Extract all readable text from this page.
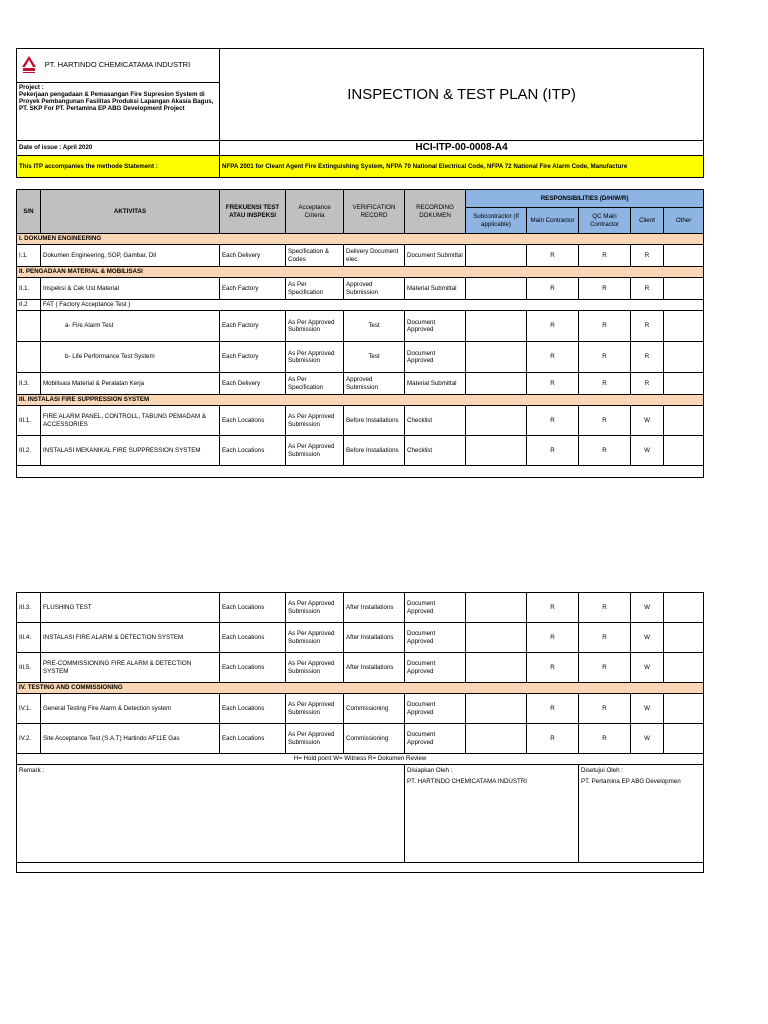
PT. HARTINDO CHEMICATAMA INDUSTRI		INSPECTION & TEST PLAN (ITP)								

Project :
Pekerjaan pengadaan & Pemasangan Fire Supresion System di Proyek Pembangunan Fasilitas Produksi Lapangan Akasia Bagus, PT. SKP For PT. Pertamina EP ABG Development Project										

Date of issue : April 2020		HCI-ITP-00-0008-A4								
This ITP accompanies the methode Statement :		NFPA 2001 for Cleant Agent Fire Extinguishing System, NFPA 70 National Electrical Code, NFPA 72 National Fire Alarm Code, Manufacture								

S/N	AKTIVITAS	FREKUENSI TEST ATAU INSPEKSI	Acceptance Criteria	VERIFICATION RECORD	RECORDING DOKUMEN	RESPONSIBILITIES (D/H/W/R)				
						Subcontractor (If applicable)	Main Contractor	QC Main Contractor	Client	Other
I. DOKUMEN ENGINEERING										
I.1.	Dokumen Engineering, SOP, Gambar, Dll	Each Delivery	Specification & Codes	Delivery Document elec.	Document Submittal		R	R	R	
II. PENGADAAN MATERIAL & MOBILISASI										
II.1.	Inspeksi & Cek Ust Material	Each Factory	As Per Specification	Approved Submission	Material Submittal		R	R	R	
II.2	FAT ( Factory Acceptance Test )									
	a- Fire Alarm Test	Each Factory	As Per Approved Submission	Test	Document Approved		R	R	R	
	b- Life Performance Test System	Each Factory	As Per Approved Submission	Test	Document Approved		R	R	R	
II.3.	Mobilisasi Material & Peralatan Kerja	Each Delivery	As Per Specification	Approved Submission	Material Submittal		R	R	R	
III. INSTALASI FIRE SUPPRESSION SYSTEM										
III.1.	FIRE ALARM PANEL, CONTROLL, TABUNG PEMADAM & ACCESSORIES	Each Locations	As Per Approved Submission	Before Installations	Checklist		R	R	W	
III.2.	INSTALASI MEKANIKAL FIRE SUPPRESSION SYSTEM	Each Locations	As Per Approved Submission	Before Installations	Checklist		R	R	W	

III.3.	FLUSHING TEST	Each Locations	As Per Approved Submission	After Installations	Document Approved		R	R	W	
III.4.	INSTALASI FIRE ALARM & DETECTION SYSTEM	Each Locations	As Per Approved Submission	After Installations	Document Approved		R	R	W	
III.5.	PRE-COMMISSIONING FIRE ALARM & DETECTION SYSTEM	Each Locations	As Per Approved Submission	After Installations	Document Approved		R	R	W	
IV. TESTING AND COMMISSIONING										
IV.1.	General Testing Fire Alarm & Detection system	Each Locations	As Per Approved Submission	Commissioning	Document Approved		R	R	W	
IV.2.	Site Acceptance Test (S.A.T) Hartindo AF11E Gas	Each Locations	As Per Approved Submission	Commissioning	Document Approved		R	R	W	
H= Hold point W= Witness R= Dokumen Review										
Remark :					Disiapkan Oleh :			Disetujui Oleh :		
					PT. HARTINDO CHEMICATAMA INDUSTRI			PT. Pertamina EP ABG Developmen		
